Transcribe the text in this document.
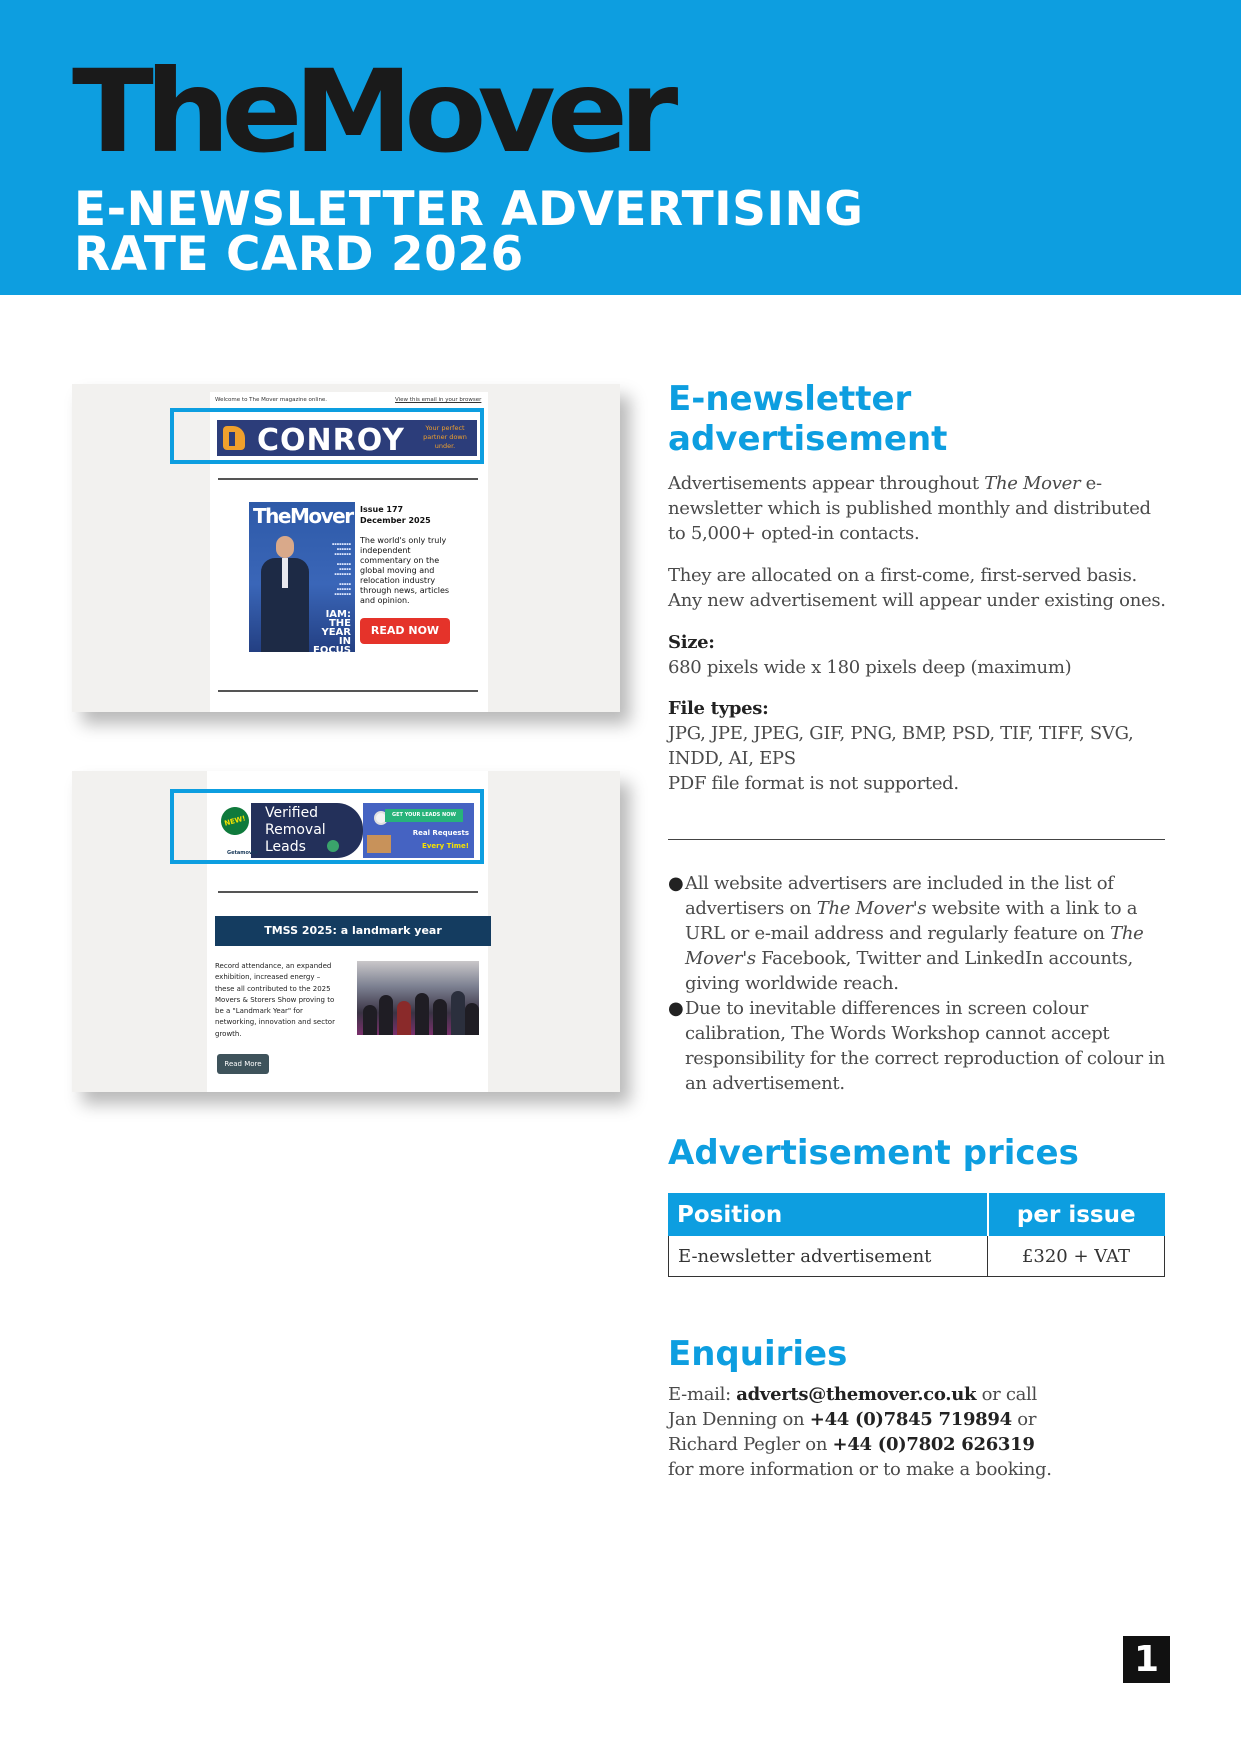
TheMover
E-NEWSLETTER ADVERTISING
RATE CARD 2026
Welcome to The Mover magazine online.	View this email in your browser
CONROY	Your perfect partner down under.
TheMover
▪▪▪▪▪▪▪▪
▪▪▪▪▪▪
▪▪▪▪▪▪▪

▪▪▪▪▪▪
▪▪▪▪▪
▪▪▪▪▪▪▪

▪▪▪▪▪
▪▪▪▪▪▪
▪▪▪▪▪▪▪
IAM: THE YEAR IN FOCUS
Issue 177
December 2025
The world's only truly independent commentary on the global moving and relocation industry through news, articles and opinion.
READ NOW
NEW!	Verified Removal Leads
Getamover
GET YOUR LEADS NOW
Real Requests
Every Time!
TMSS 2025: a landmark year
Record attendance, an expanded exhibition, increased energy – these all contributed to the 2025 Movers & Storers Show proving to be a "Landmark Year" for networking, innovation and sector growth.
Read More
E-newsletter
advertisement
Advertisements appear throughout The Mover e-newsletter which is published monthly and distributed to 5,000+ opted-in contacts.
They are allocated on a first-come, first-served basis. Any new advertisement will appear under existing ones.
Size:
680 pixels wide x 180 pixels deep (maximum)
File types:
JPG, JPE, JPEG, GIF, PNG, BMP, PSD, TIF, TIFF, SVG,
INDD, AI, EPS
PDF file format is not supported.
● All website advertisers are included in the list of advertisers on The Mover's website with a link to a URL or e-mail address and regularly feature on The Mover's Facebook, Twitter and LinkedIn accounts, giving worldwide reach.
● Due to inevitable differences in screen colour calibration, The Words Workshop cannot accept responsibility for the correct reproduction of colour in an advertisement.
Advertisement prices
Position	per issue
E-newsletter advertisement	£320 + VAT
Enquiries
E-mail: adverts@themover.co.uk or call
Jan Denning on +44 (0)7845 719894 or
Richard Pegler on +44 (0)7802 626319
for more information or to make a booking.
1
